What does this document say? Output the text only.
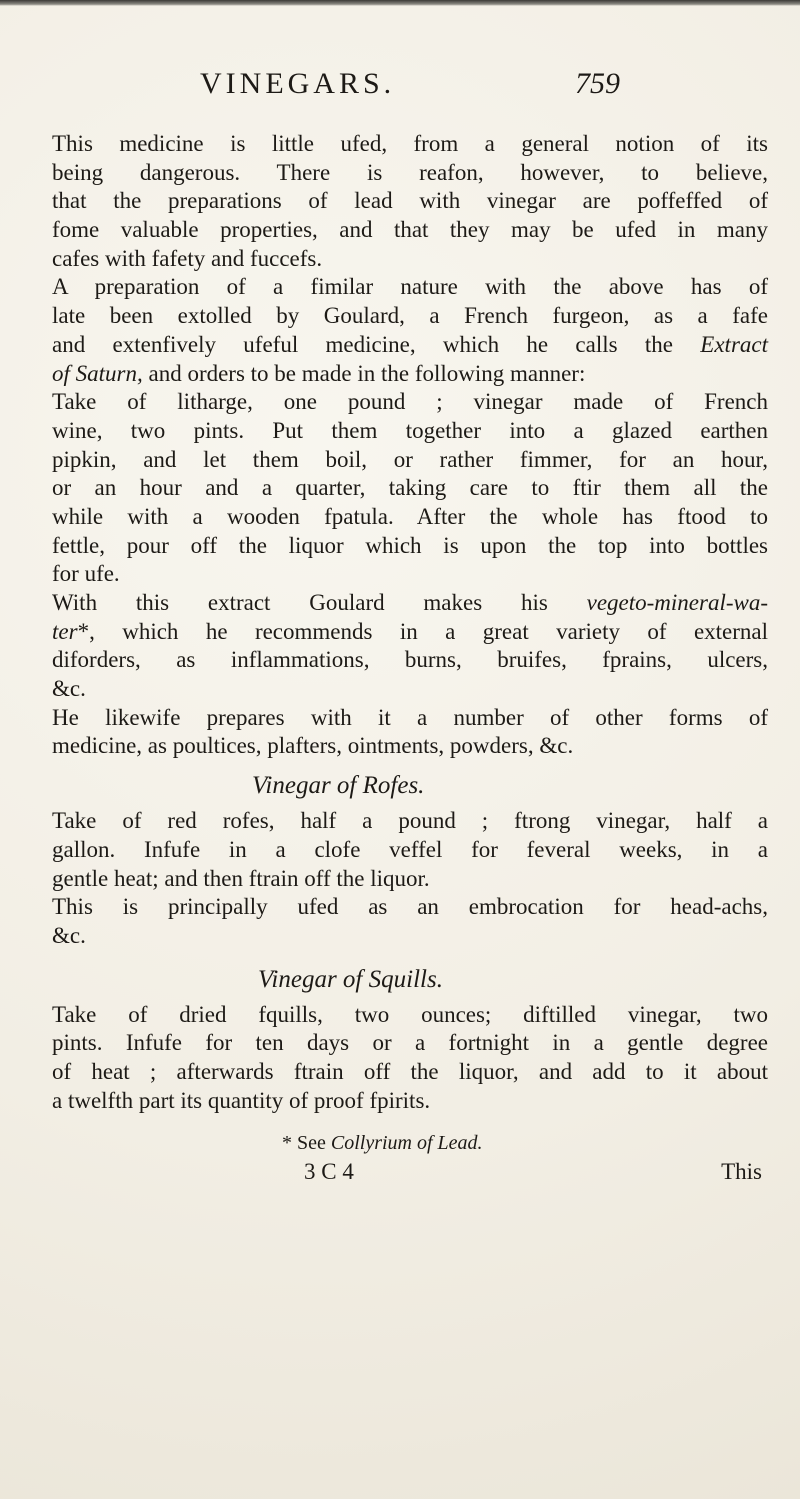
VINEGARS.	759
This medicine is little ufed, from a general notion of its
being dangerous. There is reafon, however, to believe,
that the preparations of lead with vinegar are poffeffed of
fome valuable properties, and that they may be ufed in many
cafes with fafety and fuccefs.
A preparation of a fimilar nature with the above has of
late been extolled by Goulard, a French furgeon, as a fafe
and extenfively ufeful medicine, which he calls the Extract
of Saturn, and orders to be made in the following manner:
Take of litharge, one pound ; vinegar made of French
wine, two pints. Put them together into a glazed earthen
pipkin, and let them boil, or rather fimmer, for an hour,
or an hour and a quarter, taking care to ftir them all the
while with a wooden fpatula. After the whole has ftood to
fettle, pour off the liquor which is upon the top into bottles
for ufe.
With this extract Goulard makes his vegeto-mineral-wa-
ter*, which he recommends in a great variety of external
diforders, as inflammations, burns, bruifes, fprains, ulcers,
&c.
He likewife prepares with it a number of other forms of
medicine, as poultices, plafters, ointments, powders, &c.
Vinegar of Rofes.
Take of red rofes, half a pound ; ftrong vinegar, half a
gallon. Infufe in a clofe veffel for feveral weeks, in a
gentle heat; and then ftrain off the liquor.
This is principally ufed as an embrocation for head-achs,
&c.
Vinegar of Squills.
Take of dried fquills, two ounces; diftilled vinegar, two
pints. Infufe for ten days or a fortnight in a gentle degree
of heat ; afterwards ftrain off the liquor, and add to it about
a twelfth part its quantity of proof fpirits.
* See Collyrium of Lead.
3 C 4	This
